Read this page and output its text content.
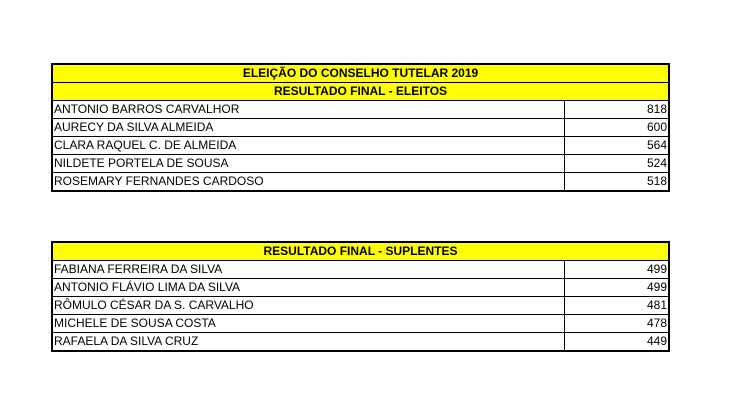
ELEIÇÃO DO CONSELHO TUTELAR 2019	
RESULTADO FINAL - ELEITOS	
ANTONIO BARROS CARVALHOR	818
AURECY DA SILVA ALMEIDA	600
CLARA RAQUEL C. DE ALMEIDA	564
NILDETE PORTELA DE SOUSA	524
ROSEMARY FERNANDES CARDOSO	518
RESULTADO FINAL - SUPLENTES	
FABIANA FERREIRA DA SILVA	499
ANTONIO FLÁVIO LIMA DA SILVA	499
RÔMULO CÉSAR DA S. CARVALHO	481
MICHELE DE SOUSA COSTA	478
RAFAELA DA SILVA CRUZ	449
